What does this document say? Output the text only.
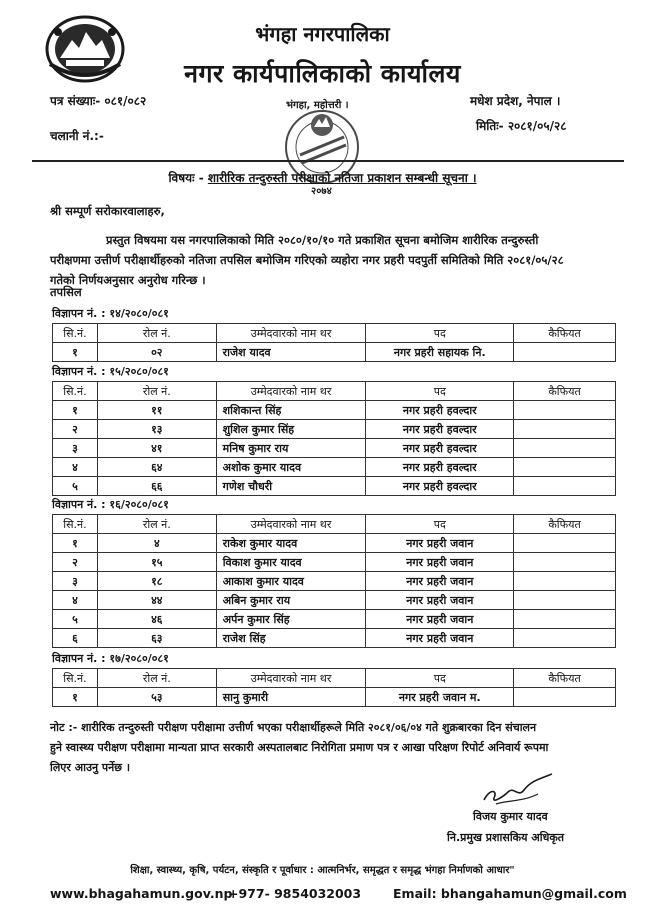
भंगहा नगरपालिका
नगर कार्यपालिकाको कार्यालय
पत्र संख्याः- ०८१/०८२
चलानी नं.:-
मधेश प्रदेश, नेपाल ।
मितिः- २०८१/०५/२८
भंगहा, महोत्तरी ।
२०७४
विषयः - शारीरिक तन्दुरुस्ती परीक्षाको नतिजा प्रकाशन सम्बन्धी सूचना ।
श्री सम्पूर्ण सरोकारवालाहरु,
प्रस्तुत विषयमा यस नगरपालिकाको मिति २०८०/१०/१० गते प्रकाशित सूचना बमोजिम शारीरिक तन्दुरुस्ती
परीक्षणमा उत्तीर्ण परीक्षार्थीहरुको नतिजा तपसिल बमोजिम गरिएको व्यहोरा नगर प्रहरी पदपुर्ती समितिको मिति २०८१/०५/२८
गतेको निर्णयअनुसार अनुरोध गरिन्छ ।
तपसिल
विज्ञापन नं. : १४/२०८०/०८१
सि.नं.	रोल नं.	उम्मेदवारको नाम थर	पद	कैफियत
१	०२	राजेश यादव	नगर प्रहरी सहायक नि.	
विज्ञापन नं. : १५/२०८०/०८१
सि.नं.	रोल नं.	उम्मेदवारको नाम थर	पद	कैफियत
१	११	शशिकान्त सिंह	नगर प्रहरी हवल्दार	
२	१३	शुशिल कुमार सिंह	नगर प्रहरी हवल्दार	
३	४१	मनिष कुमार राय	नगर प्रहरी हवल्दार	
४	६४	अशोक कुमार यादव	नगर प्रहरी हवल्दार	
५	६६	गणेश चौधरी	नगर प्रहरी हवल्दार	
विज्ञापन नं. : १६/२०८०/०८१
सि.नं.	रोल नं.	उम्मेदवारको नाम थर	पद	कैफियत
१	४	राकेश कुमार यादव	नगर प्रहरी जवान	
२	१५	विकाश कुमार यादव	नगर प्रहरी जवान	
३	१८	आकाश कुमार यादव	नगर प्रहरी जवान	
४	४४	अबिन कुमार राय	नगर प्रहरी जवान	
५	४६	अर्पन कुमार सिंह	नगर प्रहरी जवान	
६	६३	राजेश सिंह	नगर प्रहरी जवान	
विज्ञापन नं. : १७/२०८०/०८१
सि.नं.	रोल नं.	उम्मेदवारको नाम थर	पद	कैफियत
१	५३	सानु कुमारी	नगर प्रहरी जवान म.	
नोट :- शारीरिक तन्दुरुस्ती परीक्षण परीक्षामा उत्तीर्ण भएका परीक्षार्थीहरूले मिति २०८१/०६/०४ गते शुक्रबारका दिन संचालन
हुने स्वास्थ्य परीक्षण परीक्षामा मान्यता प्राप्त सरकारी अस्पतालबाट निरोगिता प्रमाण पत्र र आखा परिक्षण रिपोर्ट अनिवार्य रूपमा
लिएर आउनु पर्नेछ ।
विजय कुमार यादव
नि.प्रमुख प्रशासकिय अधिकृत
शिक्षा, स्वास्थ्य, कृषि, पर्यटन, संस्कृति र पूर्वाधार : आत्मनिर्भर, समृद्धत र समृद्ध भंगहा निर्माणको आधार"
www.bhagahamun.gov.np
+977- 9854032003	Email: bhangahamun@gmail.com
